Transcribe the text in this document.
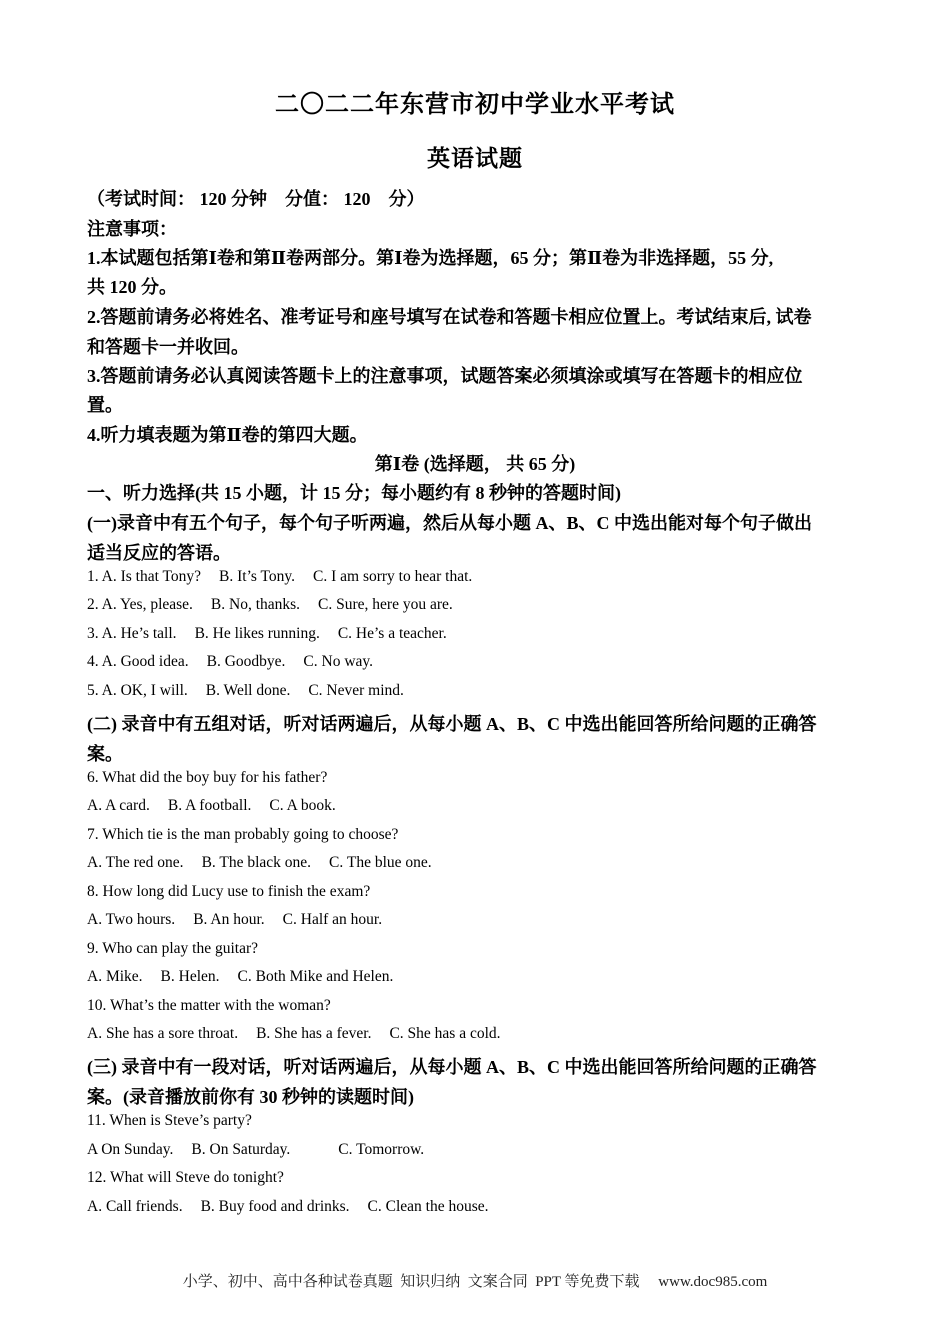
二〇二二年东营市初中学业水平考试
英语试题
（考试时间： 120 分钟　分值： 120　分）
注意事项：
1.本试题包括第Ⅰ卷和第Ⅱ卷两部分。第Ⅰ卷为选择题，65 分；第Ⅱ卷为非选择题，55 分,
共 120 分。
2.答题前请务必将姓名、准考证号和座号填写在试卷和答题卡相应位置上。考试结束后, 试卷
和答题卡一并收回。
3.答题前请务必认真阅读答题卡上的注意事项，试题答案必须填涂或填写在答题卡的相应位
置。
4.听力填表题为第Ⅱ卷的第四大题。
第Ⅰ卷 (选择题， 共 65 分)
一、听力选择(共 15 小题，计 15 分；每小题约有 8 秒钟的答题时间)
(一)录音中有五个句子，每个句子听两遍，然后从每小题 A、B、C 中选出能对每个句子做出
适当反应的答语。
1. A. Is that Tony? B. It’s Tony. C. I am sorry to hear that.
2. A. Yes, please. B. No, thanks. C. Sure, here you are.
3. A. He’s tall. B. He likes running. C. He’s a teacher.
4. A. Good idea. B. Goodbye. C. No way.
5. A. OK, I will. B. Well done. C. Never mind.
(二) 录音中有五组对话，听对话两遍后，从每小题 A、B、C 中选出能回答所给问题的正确答
案。
6. What did the boy buy for his father?
A. A card. B. A football. C. A book.
7. Which tie is the man probably going to choose?
A. The red one. B. The black one. C. The blue one.
8. How long did Lucy use to finish the exam?
A. Two hours. B. An hour. C. Half an hour.
9. Who can play the guitar?
A. Mike. B. Helen. C. Both Mike and Helen.
10. What’s the matter with the woman?
A. She has a sore throat. B. She has a fever. C. She has a cold.
(三) 录音中有一段对话，听对话两遍后，从每小题 A、B、C 中选出能回答所给问题的正确答
案。(录音播放前你有 30 秒钟的读题时间)
11. When is Steve’s party?
A On Sunday. B. On Saturday.	C. Tomorrow.
12. What will Steve do tonight?
A. Call friends. B. Buy food and drinks. C. Clean the house.
小学、初中、高中各种试卷真题  知识归纳  文案合同  PPT 等免费下载     www.doc985.com
